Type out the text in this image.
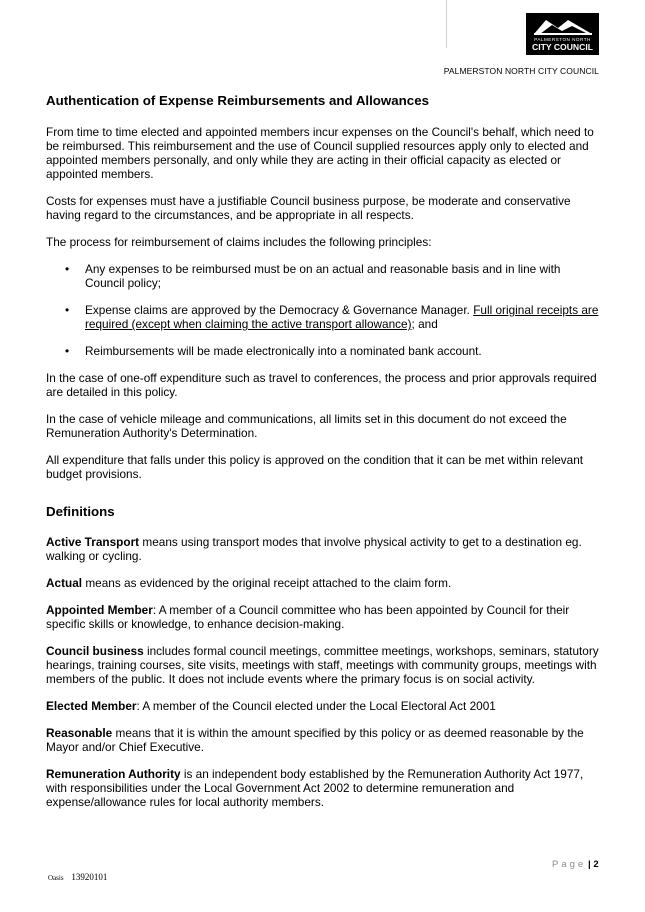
PALMERSTON NORTH
CITY COUNCIL
PALMERSTON NORTH CITY COUNCIL
Authentication of Expense Reimbursements and Allowances

From time to time elected and appointed members incur expenses on the Council's behalf, which need to be reimbursed. This reimbursement and the use of Council supplied resources apply only to elected and appointed members personally, and only while they are acting in their official capacity as elected or appointed members.

Costs for expenses must have a justifiable Council business purpose, be moderate and conservative having regard to the circumstances, and be appropriate in all respects.

The process for reimbursement of claims includes the following principles:

• Any expenses to be reimbursed must be on an actual and reasonable basis and in line with Council policy;
• Expense claims are approved by the Democracy & Governance Manager. Full original receipts are required (except when claiming the active transport allowance); and
• Reimbursements will be made electronically into a nominated bank account.

In the case of one-off expenditure such as travel to conferences, the process and prior approvals required are detailed in this policy.

In the case of vehicle mileage and communications, all limits set in this document do not exceed the Remuneration Authority's Determination.

All expenditure that falls under this policy is approved on the condition that it can be met within relevant budget provisions.

Definitions

Active Transport means using transport modes that involve physical activity to get to a destination eg. walking or cycling.

Actual means as evidenced by the original receipt attached to the claim form.

Appointed Member: A member of a Council committee who has been appointed by Council for their specific skills or knowledge, to enhance decision-making.

Council business includes formal council meetings, committee meetings, workshops, seminars, statutory hearings, training courses, site visits, meetings with staff, meetings with community groups, meetings with members of the public. It does not include events where the primary focus is on social activity.

Elected Member: A member of the Council elected under the Local Electoral Act 2001

Reasonable means that it is within the amount specified by this policy or as deemed reasonable by the Mayor and/or Chief Executive.

Remuneration Authority is an independent body established by the Remuneration Authority Act 1977, with responsibilities under the Local Government Act 2002 to determine remuneration and expense/allowance rules for local authority members.

Page | 2
Oasis 13920101
